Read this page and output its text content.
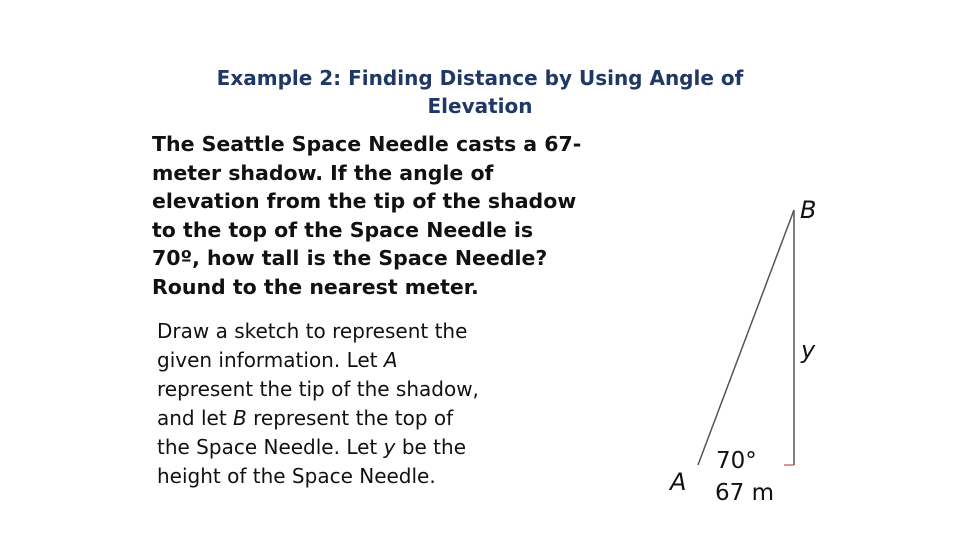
Example 2: Finding Distance by Using Angle of
Elevation
The Seattle Space Needle casts a 67-
meter shadow. If the angle of
elevation from the tip of the shadow
to the top of the Space Needle is
70º, how tall is the Space Needle?
Round to the nearest meter.
Draw a sketch to represent the
given information. Let A
represent the tip of the shadow,
and let B represent the top of
the Space Needle. Let y be the
height of the Space Needle.
B
y
A
70°
67 m
